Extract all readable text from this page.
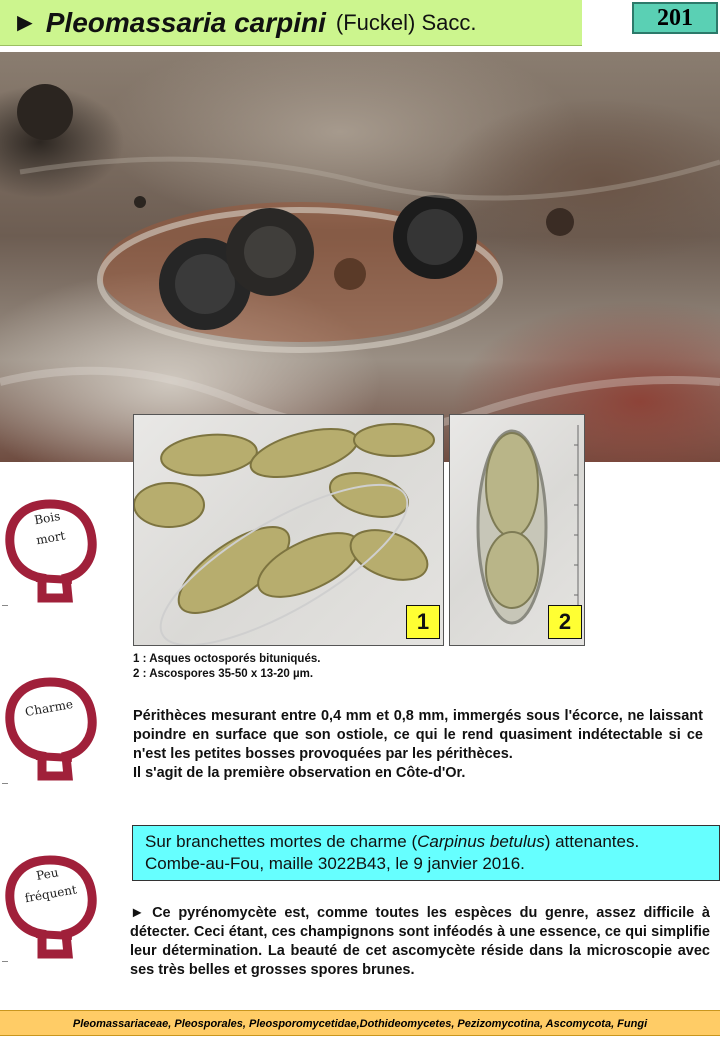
► Pleomassaria carpini (Fuckel) Sacc.	201
1	2
Bois
mort
Charme
Peu
fréquent
1 : Asques octosporés bituniqués.
2 : Ascospores 35-50 x 13-20 µm.

Périthèces mesurant entre 0,4 mm et 0,8 mm, immergés sous l'écorce, ne laissant poindre en surface que son ostiole, ce qui le rend quasiment indétectable si ce n'est les petites bosses provoquées par les périthèces.

Il s'agit de la première observation en Côte-d'Or.

Sur branchettes mortes de charme (Carpinus betulus) attenantes.
Combe-au-Fou, maille 3022B43, le 9 janvier 2016.
► Ce pyrénomycète est, comme toutes les espèces du genre, assez difficile à détecter. Ceci étant, ces champignons sont inféodés à une essence, ce qui simplifie leur détermination. La beauté de cet ascomycète réside dans la microscopie avec ses très belles et grosses spores brunes.
Pleomassariaceae, Pleosporales, Pleosporomycetidae,Dothideomycetes, Pezizomycotina, Ascomycota, Fungi
